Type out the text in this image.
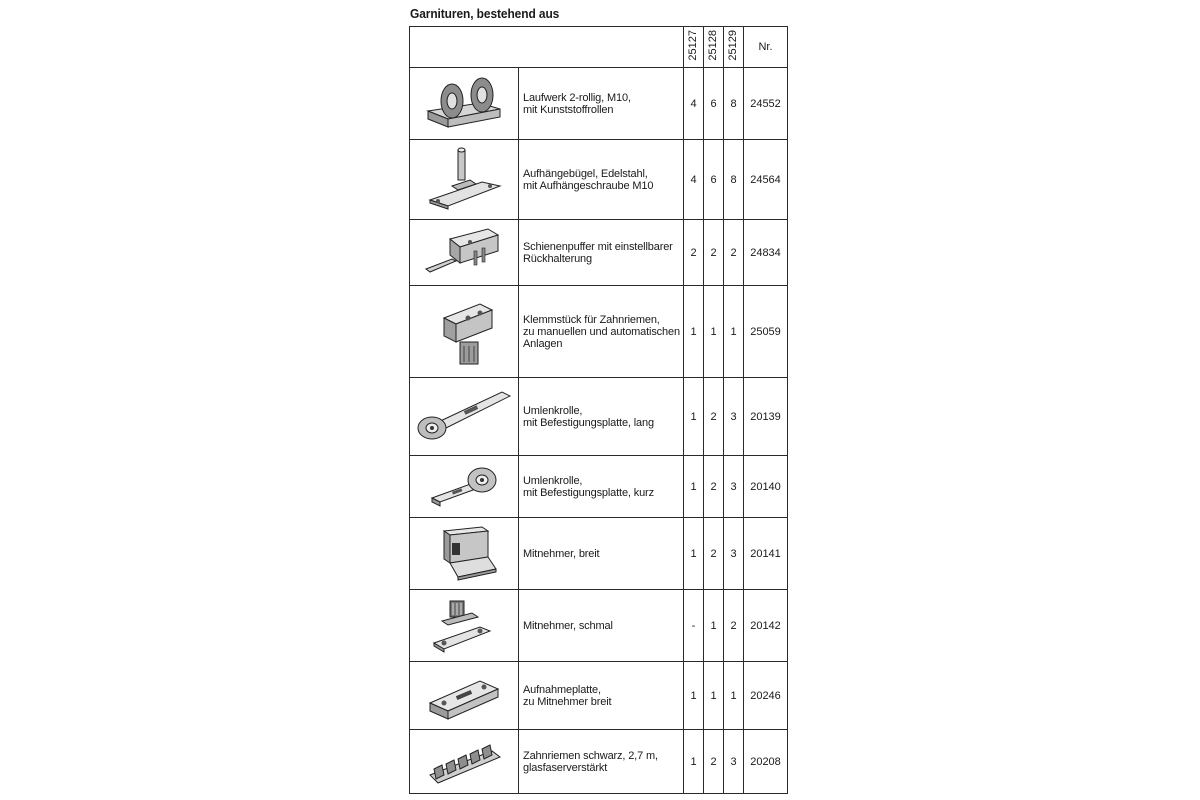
Garnituren, bestehend aus
		25127	25128	25129	Nr.

	Laufwerk 2-rollig, M10,
mit Kunststoffrollen	4	6	8	24552

	Aufhängebügel, Edelstahl,
mit Aufhängeschraube M10	4	6	8	24564

	Schienenpuffer mit einstellbarer
Rückhalterung	2	2	2	24834

	Klemmstück für Zahnriemen,
zu manuellen und automatischen
Anlagen	1	1	1	25059

	Umlenkrolle,
mit Befestigungsplatte, lang	1	2	3	20139

	Umlenkrolle,
mit Befestigungsplatte, kurz	1	2	3	20140

	Mitnehmer, breit	1	2	3	20141

	Mitnehmer, schmal	-	1	2	20142

	Aufnahmeplatte,
zu Mitnehmer breit	1	1	1	20246

	Zahnriemen schwarz, 2,7 m,
glasfaserverstärkt	1	2	3	20208
